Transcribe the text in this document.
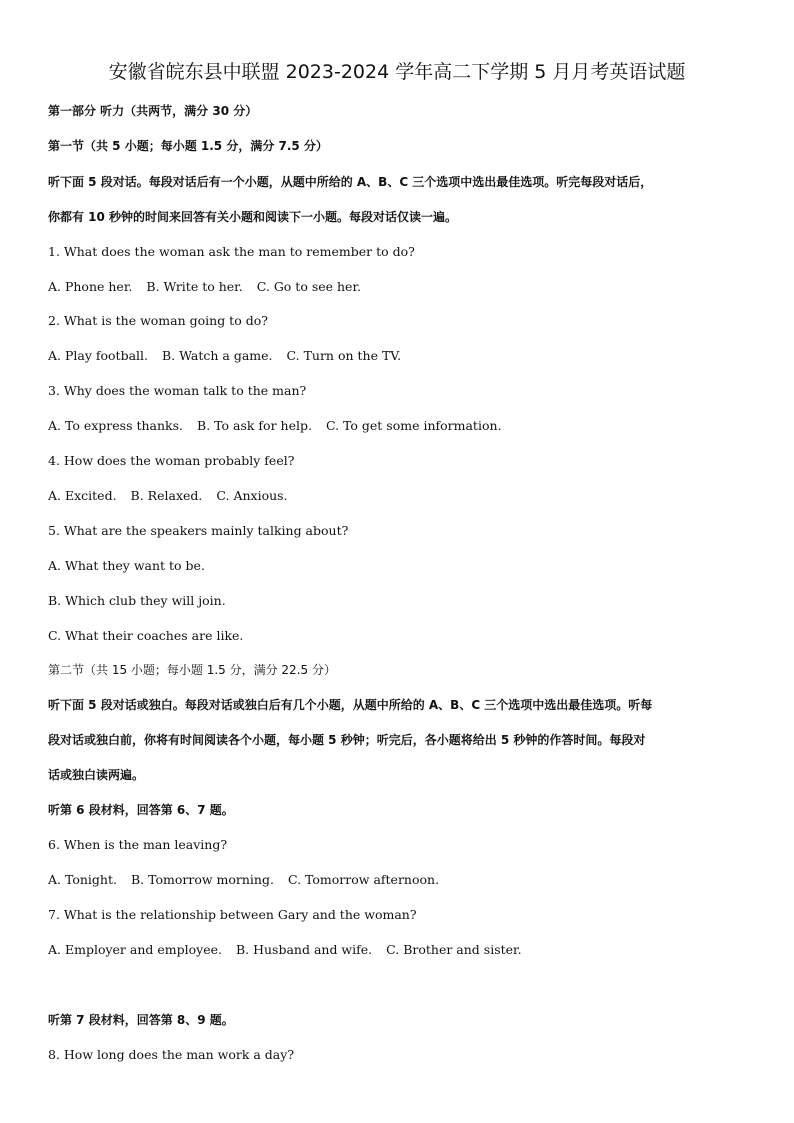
安徽省皖东县中联盟 2023-2024 学年高二下学期 5 月月考英语试题
第一部分 听力（共两节，满分 30 分）
第一节（共 5 小题；每小题 1.5 分，满分 7.5 分）
听下面 5 段对话。每段对话后有一个小题，从题中所给的 A、B、C 三个选项中选出最佳选项。听完每段对话后，
你都有 10 秒钟的时间来回答有关小题和阅读下一小题。每段对话仅读一遍。
1. What does the woman ask the man to remember to do?
A. Phone her. B. Write to her. C. Go to see her.
2. What is the woman going to do?
A. Play football. B. Watch a game. C. Turn on the TV.
3. Why does the woman talk to the man?
A. To express thanks. B. To ask for help. C. To get some information.
4. How does the woman probably feel?
A. Excited. B. Relaxed. C. Anxious.
5. What are the speakers mainly talking about?
A. What they want to be.
B. Which club they will join.
C. What their coaches are like.
第二节（共 15 小题；每小题 1.5 分，满分 22.5 分）
听下面 5 段对话或独白。每段对话或独白后有几个小题，从题中所给的 A、B、C 三个选项中选出最佳选项。听每
段对话或独白前，你将有时间阅读各个小题，每小题 5 秒钟；听完后，各小题将给出 5 秒钟的作答时间。每段对
话或独白读两遍。
听第 6 段材料，回答第 6、7 题。
6. When is the man leaving?
A. Tonight. B. Tomorrow morning. C. Tomorrow afternoon.
7. What is the relationship between Gary and the woman?
A. Employer and employee. B. Husband and wife. C. Brother and sister.
听第 7 段材料，回答第 8、9 题。
8. How long does the man work a day?
